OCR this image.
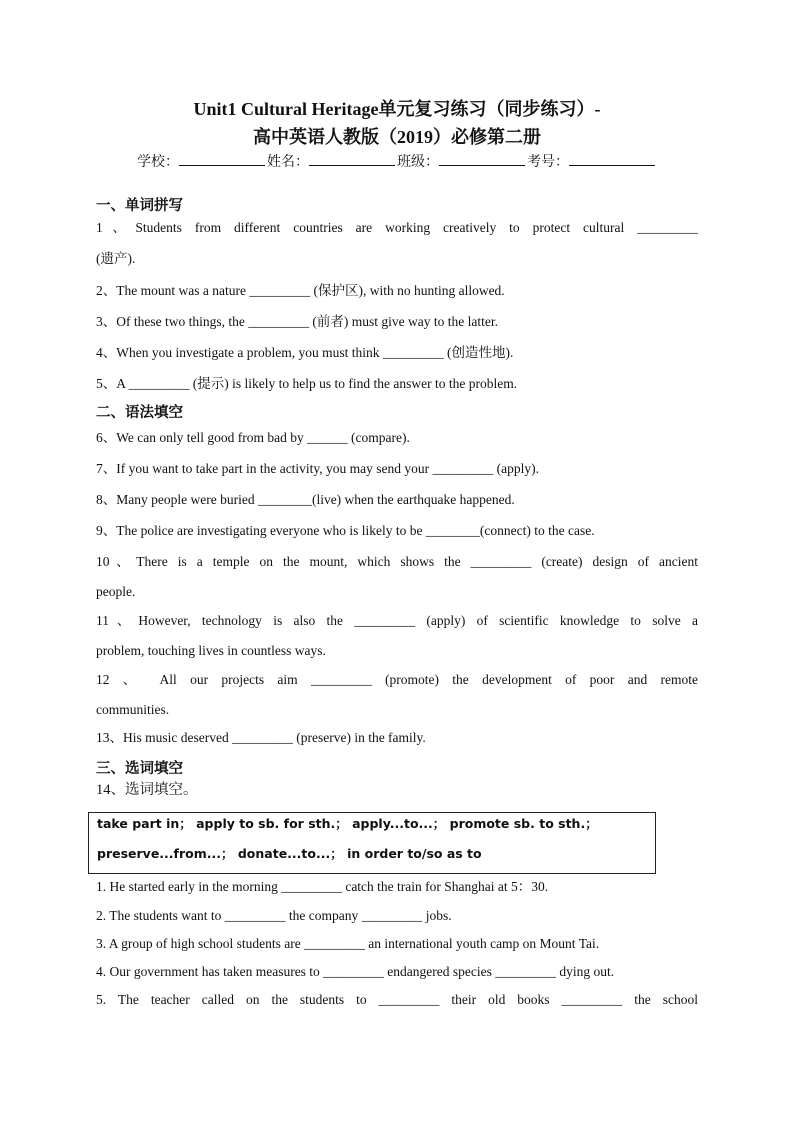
Unit1 Cultural Heritage单元复习练习（同步练习）-
高中英语人教版（2019）必修第二册
学校：	姓名：	班级：	考号：
一、单词拼写
1、Students from different countries are working creatively to protect cultural _________
(遗产).
2、The mount was a nature _________ (保护区), with no hunting allowed.
3、Of these two things, the _________ (前者) must give way to the latter.
4、When you investigate a problem, you must think _________ (创造性地).
5、A _________ (提示) is likely to help us to find the answer to the problem.
二、语法填空
6、We can only tell good from bad by ______ (compare).
7、If you want to take part in the activity, you may send your _________ (apply).
8、Many people were buried ________(live) when the earthquake happened.
9、The police are investigating everyone who is likely to be ________(connect) to the case.
10、There is a temple on the mount, which shows the _________ (create) design of ancient
people.
11、However, technology is also the _________ (apply) of scientific knowledge to solve a
problem, touching lives in countless ways.
12 、 All our projects aim _________ (promote) the development of poor and remote
communities.
13、His music deserved _________ (preserve) in the family.
三、选词填空
14、选词填空。
take part in； apply to sb. for sth.； apply...to...； promote sb. to sth.；
preserve...from...； donate...to...； in order to/so as to
1. He started early in the morning _________ catch the train for Shanghai at 5：30.
2. The students want to _________ the company _________ jobs.
3. A group of high school students are _________ an international youth camp on Mount Tai.
4. Our government has taken measures to _________ endangered species _________ dying out.
5. The teacher called on the students to _________ their old books _________ the school
